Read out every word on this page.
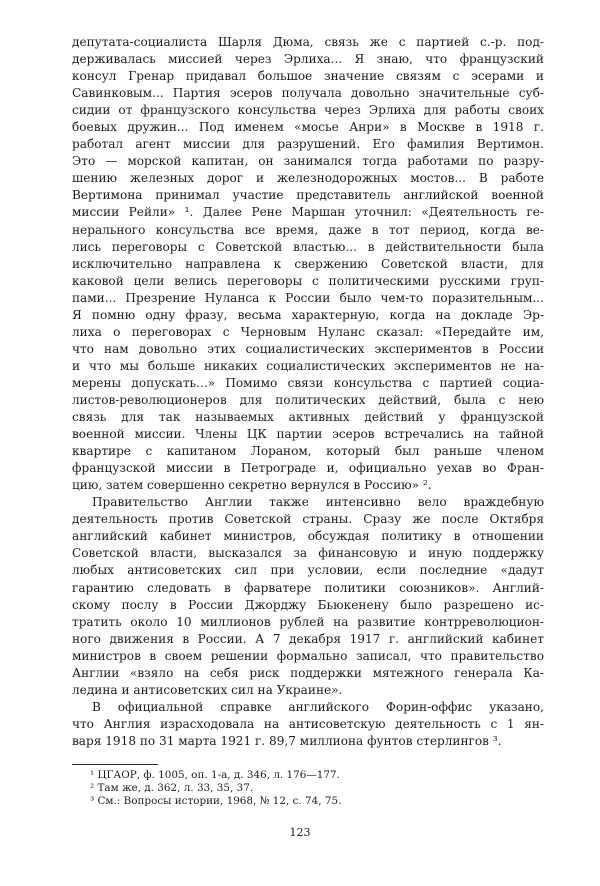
депутата-социалиста Шарля Дюма, связь же с партией с.-р. под-
держивалась миссией через Эрлиха... Я знаю, что французский
консул Гренар придавал большое значение связям с эсерами и
Савинковым... Партия эсеров получала довольно значительные суб-
сидии от французского консульства через Эрлиха для работы своих
боевых дружин... Под именем «мосье Анри» в Москве в 1918 г.
работал агент миссии для разрушений. Его фамилия Вертимон.
Это — морской капитан, он занимался тогда работами по разру-
шению железных дорог и железнодорожных мостов... В работе
Вертимона принимал участие представитель английской военной
миссии Рейли» ¹. Далее Рене Маршан уточнил: «Деятельность ге-
нерального консульства все время, даже в тот период, когда ве-
лись переговоры с Советской властью... в действительности была
исключительно направлена к свержению Советской власти, для
каковой цели велись переговоры с политическими русскими груп-
пами... Презрение Нуланса к России было чем-то поразительным...
Я помню одну фразу, весьма характерную, когда на докладе Эр-
лиха о переговорах с Черновым Нуланс сказал: «Передайте им,
что нам довольно этих социалистических экспериментов в России
и что мы больше никаких социалистических экспериментов не на-
мерены допускать...» Помимо связи консульства с партией социа-
листов-революционеров для политических действий, была с нею
связь для так называемых активных действий у французской
военной миссии. Члены ЦК партии эсеров встречались на тайной
квартире с капитаном Лораном, который был раньше членом
французской миссии в Петрограде и, официально уехав во Фран-
цию, затем совершенно секретно вернулся в Россию» ².
Правительство Англии также интенсивно вело враждебную
деятельность против Советской страны. Сразу же после Октября
английский кабинет министров, обсуждая политику в отношении
Советской власти, высказался за финансовую и иную поддержку
любых антисоветских сил при условии, если последние «дадут
гарантию следовать в фарватере политики союзников». Англий-
скому послу в России Джорджу Бьюкенену было разрешено ис-
тратить около 10 миллионов рублей на развитие контрреволюцион-
ного движения в России. А 7 декабря 1917 г. английский кабинет
министров в своем решении формально записал, что правительство
Англии «взяло на себя риск поддержки мятежного генерала Ка-
ледина и антисоветских сил на Украине».
В официальной справке английского Форин-оффис указано,
что Англия израсходовала на антисоветскую деятельность с 1 ян-
варя 1918 по 31 марта 1921 г. 89,7 миллиона фунтов стерлингов ³.
¹ ЦГАОР, ф. 1005, оп. 1-а, д. 346, л. 176—177.
² Там же, д. 362, л. 33, 35, 37.
³ См.: Вопросы истории, 1968, № 12, с. 74, 75.
123
